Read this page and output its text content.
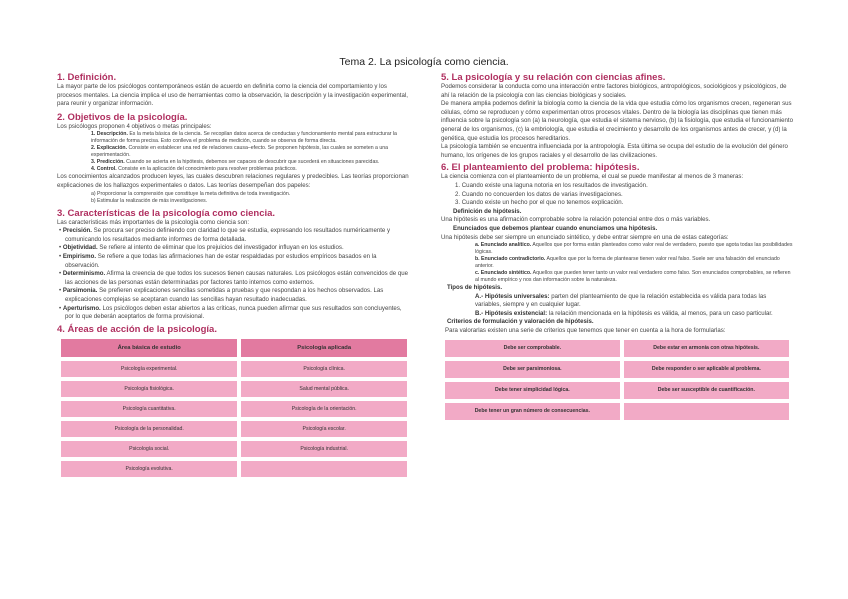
Tema 2. La psicología como ciencia.
1. Definición.

La mayor parte de los psicólogos contemporáneos están de acuerdo en definirla como la ciencia del comportamiento y los procesos mentales. La ciencia implica el uso de herramientas como la observación, la descripción y la investigación experimental, para reunir y organizar información.

2. Objetivos de la psicología.

Los psicólogos proponen 4 objetivos o metas principales:

1. Descripción. Es la meta básica de la ciencia. Se recopilan datos acerca de conductas y funcionamiento mental para estructurar la información de forma precisa. Esto conlleva el problema de medición, cuando se observa de forma directa.

2. Explicación. Consiste en establecer una red de relaciones causa–efecto. Se proponen hipótesis, las cuales se someten a una experimentación.

3. Predicción. Cuando se acierta en la hipótesis, debemos ser capaces de descubrir que sucederá en situaciones parecidas.

4. Control. Consiste en la aplicación del conocimiento para resolver problemas prácticos.

Los conocimientos alcanzados producen leyes, las cuales descubren relaciones regulares y predecibles. Las teorías proporcionan explicaciones de los hallazgos experimentales o datos. Las teorías desempeñan dos papeles:

a) Proporcionar la comprensión que constituye la meta definitiva de toda investigación.

b) Estimular la realización de más investigaciones.

3. Características de la psicología como ciencia.

Las características más importantes de la psicología como ciencia son:

• Precisión. Se procura ser preciso definiendo con claridad lo que se estudia, expresando los resultados numéricamente y comunicando los resultados mediante informes de forma detallada.

• Objetividad. Se refiere al intento de eliminar que los prejuicios del investigador influyan en los estudios.

• Empirismo. Se refiere a que todas las afirmaciones han de estar respaldadas por estudios empíricos basados en la observación.

• Determinismo. Afirma la creencia de que todos los sucesos tienen causas naturales. Los psicólogos están convencidos de que las acciones de las personas están determinadas por factores tanto internos como externos.

• Parsimonia. Se prefieren explicaciones sencillas sometidas a pruebas y que respondan a los hechos observados. Las explicaciones complejas se aceptaran cuando las sencillas hayan resultado inadecuadas.

• Aperturismo. Los psicólogos deben estar abiertos a las críticas, nunca pueden afirmar que sus resultados son concluyentes, por lo que deberán aceptarlos de forma provisional.

4. Áreas de acción de la psicología.
Área básica de estudio	Psicología aplicada
Psicología experimental.	Psicología clínica.
Psicología fisiológica.	Salud mental pública.
Psicología cuantitativa.	Psicología de la orientación.
Psicología de la personalidad.	Psicología escolar.
Psicología social.	Psicología industrial.
Psicología evolutiva.	
5. La psicología y su relación con ciencias afines.

Podemos considerar la conducta como una interacción entre factores biológicos, antropológicos, sociológicos y psicológicos, de ahí la relación de la psicología con las ciencias biológicas y sociales.

De manera amplia podemos definir la biología como la ciencia de la vida que estudia cómo los organismos crecen, regeneran sus células, cómo se reproducen y cómo experimentan otros procesos vitales. Dentro de la biología las disciplinas que tienen más influencia sobre la psicología son (a) la neurología, que estudia el sistema nervioso, (b) la fisiología, que estudia el funcionamiento general de los organismos, (c) la embriología, que estudia el crecimiento y desarrollo de los organismos antes de crecer, y (d) la genética, que estudia los procesos hereditarios.

La psicología también se encuentra influenciada por la antropología. Esta última se ocupa del estudio de la evolución del género humano, los orígenes de los grupos raciales y el desarrollo de las civilizaciones.

6. El planteamiento del problema: hipótesis.

La ciencia comienza con el planteamiento de un problema, el cual se puede manifestar al menos de 3 maneras:

1. Cuando existe una laguna notoria en los resultados de investigación.

2. Cuando no concuerden los datos de varias investigaciones.

3. Cuando existe un hecho por el que no tenemos explicación.

Definición de hipótesis.

Una hipótesis es una afirmación comprobable sobre la relación potencial entre dos o más variables.

Enunciados que debemos plantear cuando enunciamos una hipótesis.

Una hipótesis debe ser siempre un enunciado sintético, y debe entrar siempre en una de estas categorías:

a. Enunciado analítico. Aquellos que por forma están planteados como valor real de verdadero, puesto que agota todas las posibilidades lógicas.

b. Enunciado contradictorio. Aquellos que por la forma de plantearse tienen valor real falso. Suele ser una falsación del enunciado anterior.

c. Enunciado sintético. Aquellos que pueden tener tanto un valor real verdadero como falso. Son enunciados comprobables, se refieren al mundo empírico y nos dan información sobre la naturaleza.

Tipos de hipótesis.

A.- Hipótesis universales: parten del planteamiento de que la relación establecida es válida para todas las variables, siempre y en cualquier lugar.

B.- Hipótesis existencial: la relación mencionada en la hipótesis es válida, al menos, para un caso particular.

Criterios de formulación y valoración de hipótesis.

Para valorarlas existen una serie de criterios que tenemos que tener en cuenta a la hora de formularlas:

Debe ser comprobable.	Debe estar en armonía con otras hipótesis.
Debe ser parsimoniosa.	Debe responder o ser aplicable al problema.
Debe tener simplicidad lógica.	Debe ser susceptible de cuantificación.
Debe tener un gran número de consecuencias.	
